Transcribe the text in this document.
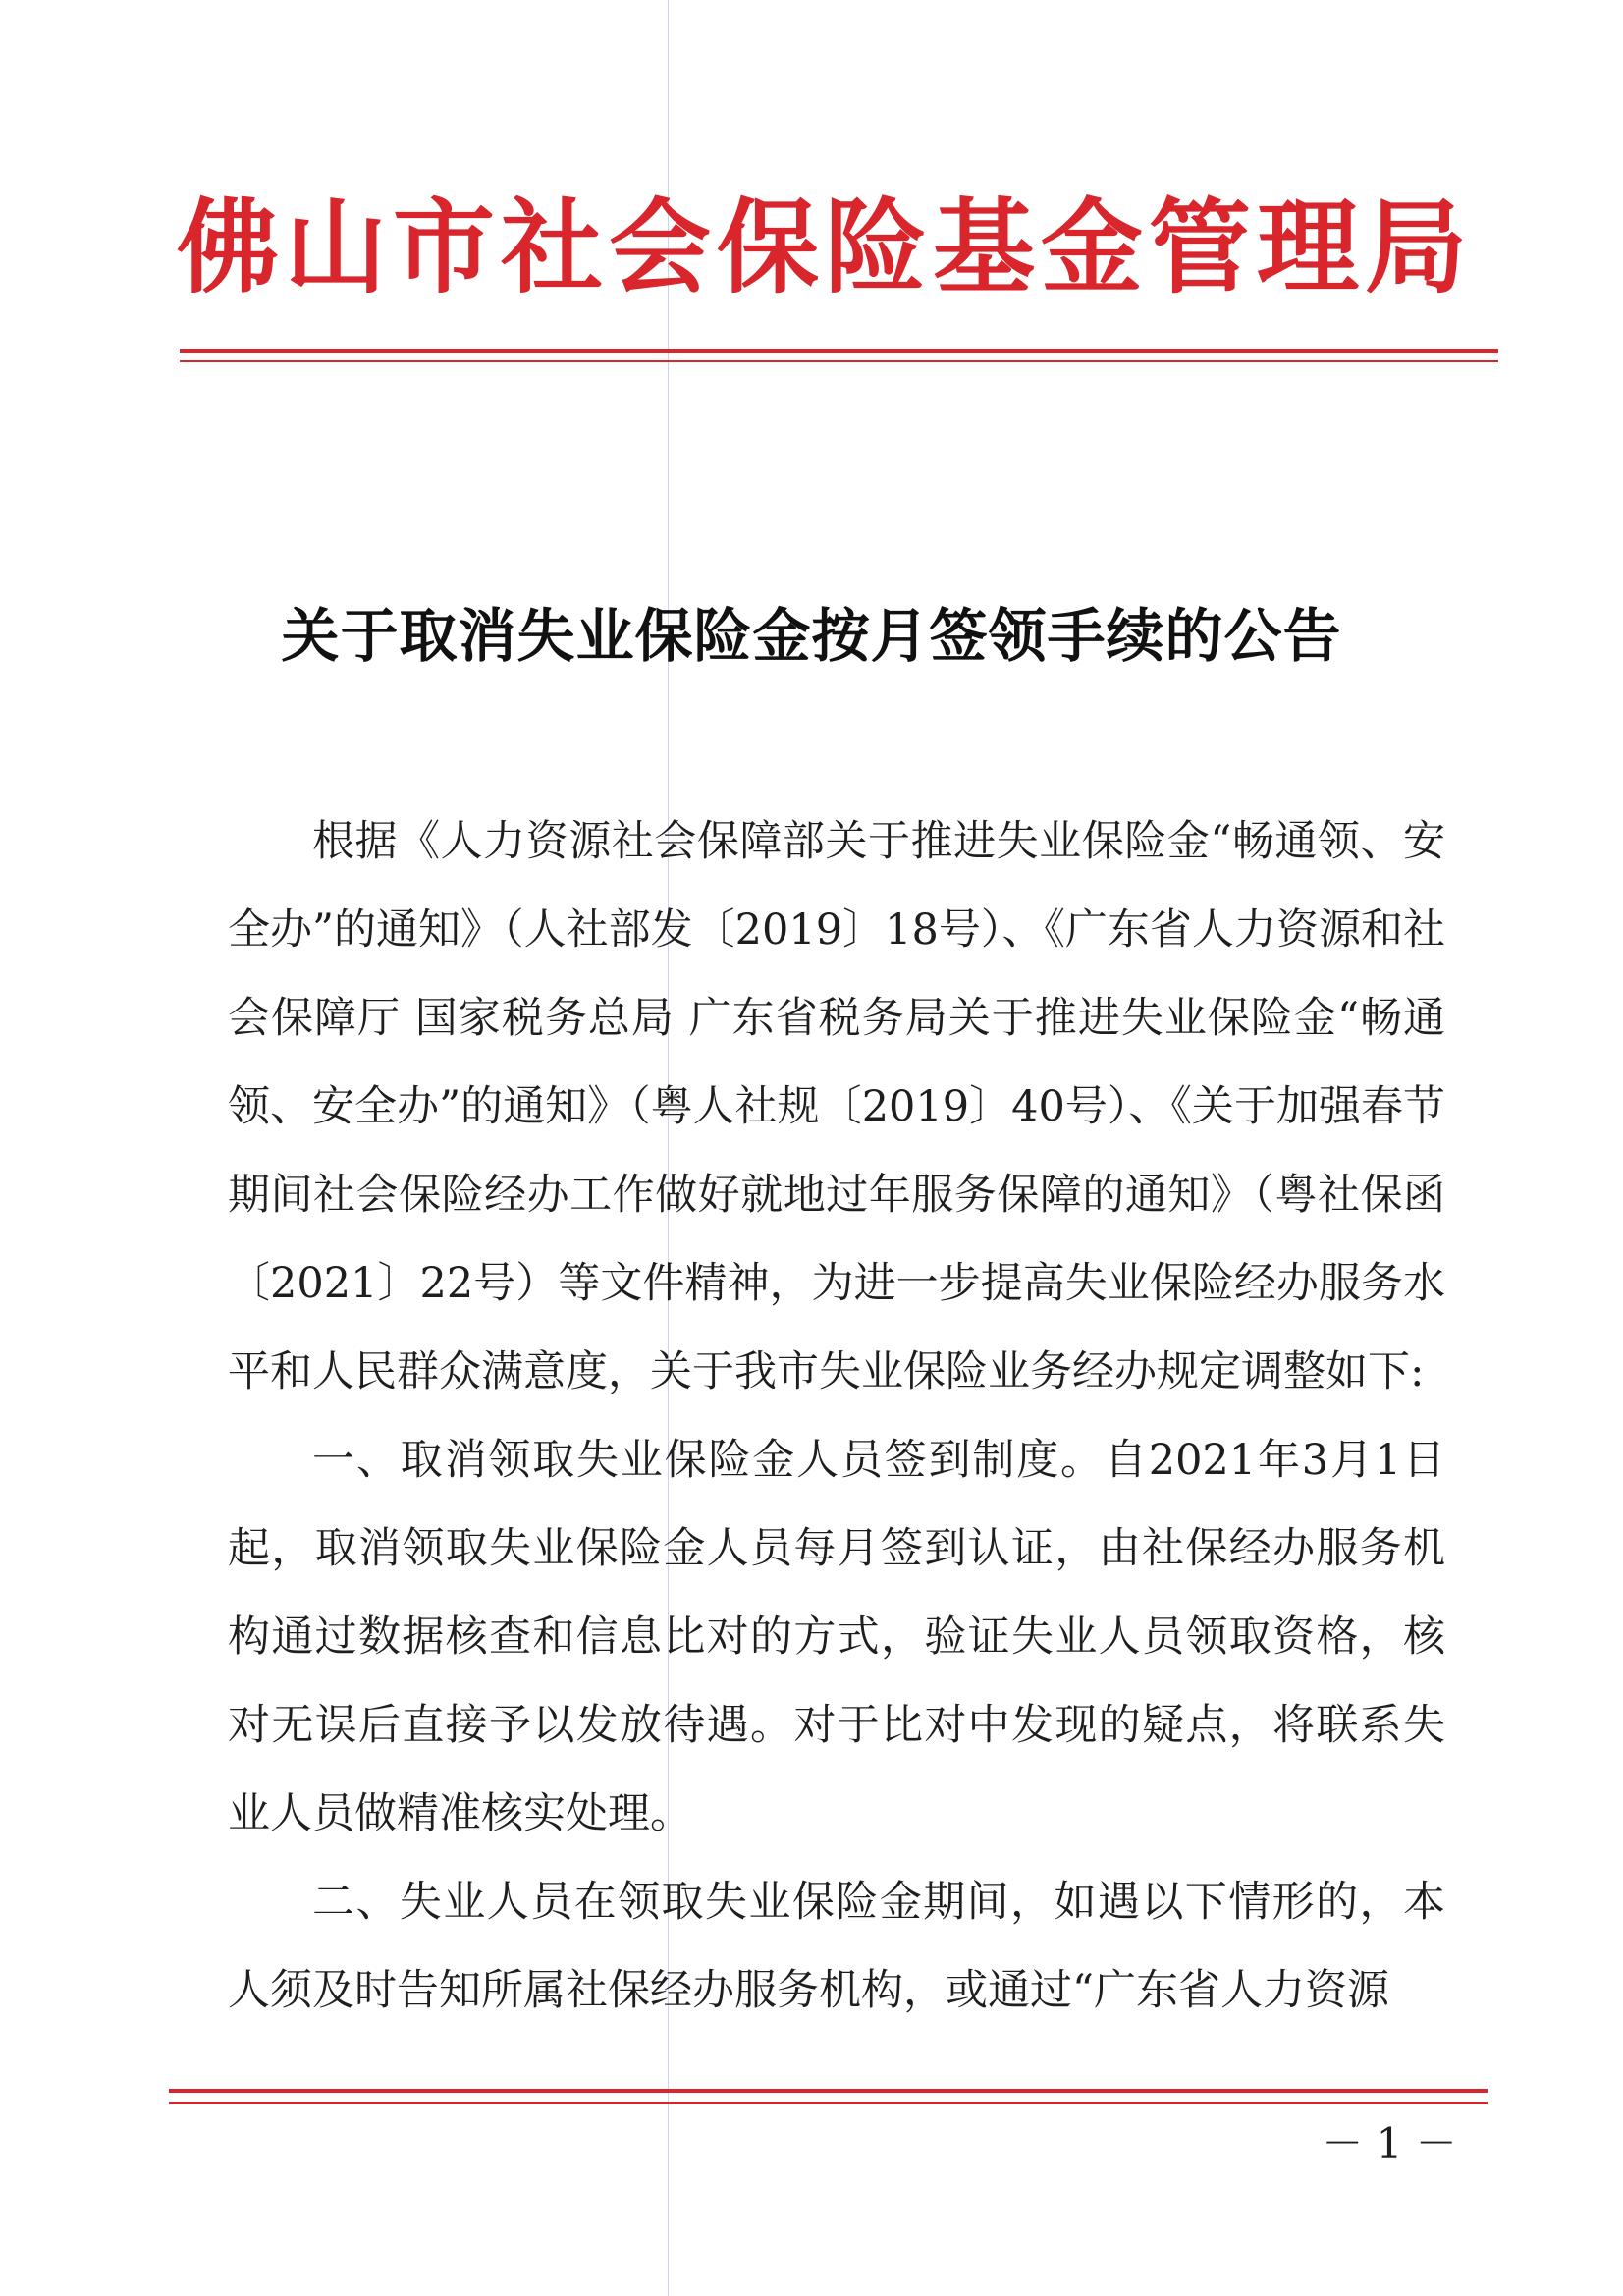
佛山市社会保险基金管理局
关于取消失业保险金按月签领手续的公告

根据《人力资源社会保障部关于推进失业保险金“畅通领、安全办”的通知》（人社部发〔2019〕18号）、《广东省人力资源和社会保障厅 国家税务总局 广东省税务局关于推进失业保险金“畅通领、安全办”的通知》（粤人社规〔2019〕40号）、《关于加强春节期间社会保险经办工作做好就地过年服务保障的通知》（粤社保函〔2021〕22号）等文件精神，为进一步提高失业保险经办服务水平和人民群众满意度，关于我市失业保险业务经办规定调整如下:

一、取消领取失业保险金人员签到制度。自2021年3月1日起，取消领取失业保险金人员每月签到认证，由社保经办服务机构通过数据核查和信息比对的方式，验证失业人员领取资格，核对无误后直接予以发放待遇。对于比对中发现的疑点，将联系失业人员做精准核实处理。

二、失业人员在领取失业保险金期间，如遇以下情形的，本人须及时告知所属社保经办服务机构，或通过“广东省人力资源

－ 1 －
